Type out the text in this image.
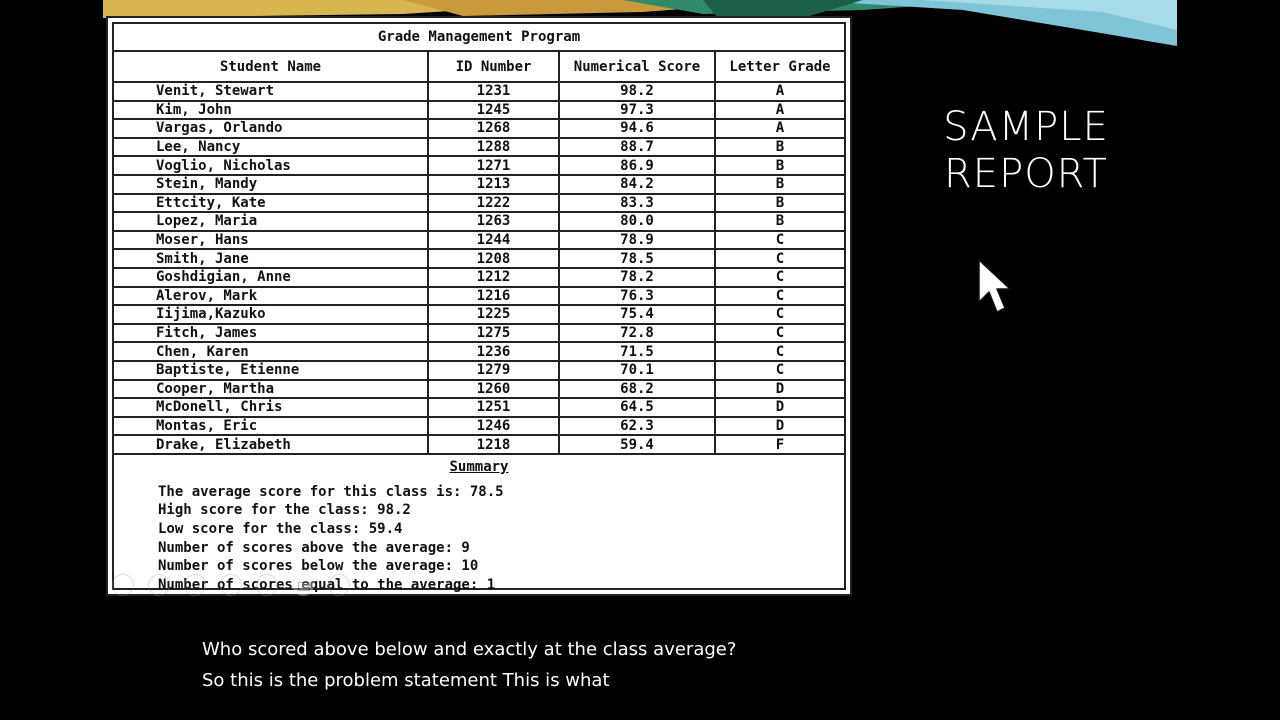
Grade Management Program
Student Name	ID Number	Numerical Score	Letter Grade
Venit, Stewart	1231	98.2	A
Kim, John	1245	97.3	A
Vargas, Orlando	1268	94.6	A
Lee, Nancy	1288	88.7	B
Voglio, Nicholas	1271	86.9	B
Stein, Mandy	1213	84.2	B
Ettcity, Kate	1222	83.3	B
Lopez, Maria	1263	80.0	B
Moser, Hans	1244	78.9	C
Smith, Jane	1208	78.5	C
Goshdigian, Anne	1212	78.2	C
Alerov, Mark	1216	76.3	C
Iijima,Kazuko	1225	75.4	C
Fitch, James	1275	72.8	C
Chen, Karen	1236	71.5	C
Baptiste, Etienne	1279	70.1	C
Cooper, Martha	1260	68.2	D
McDonell, Chris	1251	64.5	D
Montas, Eric	1246	62.3	D
Drake, Elizabeth	1218	59.4	F
Summary
The average score for this class is: 78.5
High score for the class: 98.2
Low score for the class: 59.4
Number of scores above the average: 9
Number of scores below the average: 10
Number of scores equal to the average: 1
SAMPLE
REPORT
Who scored above below and exactly at the class average?
So this is the problem statement This is what
